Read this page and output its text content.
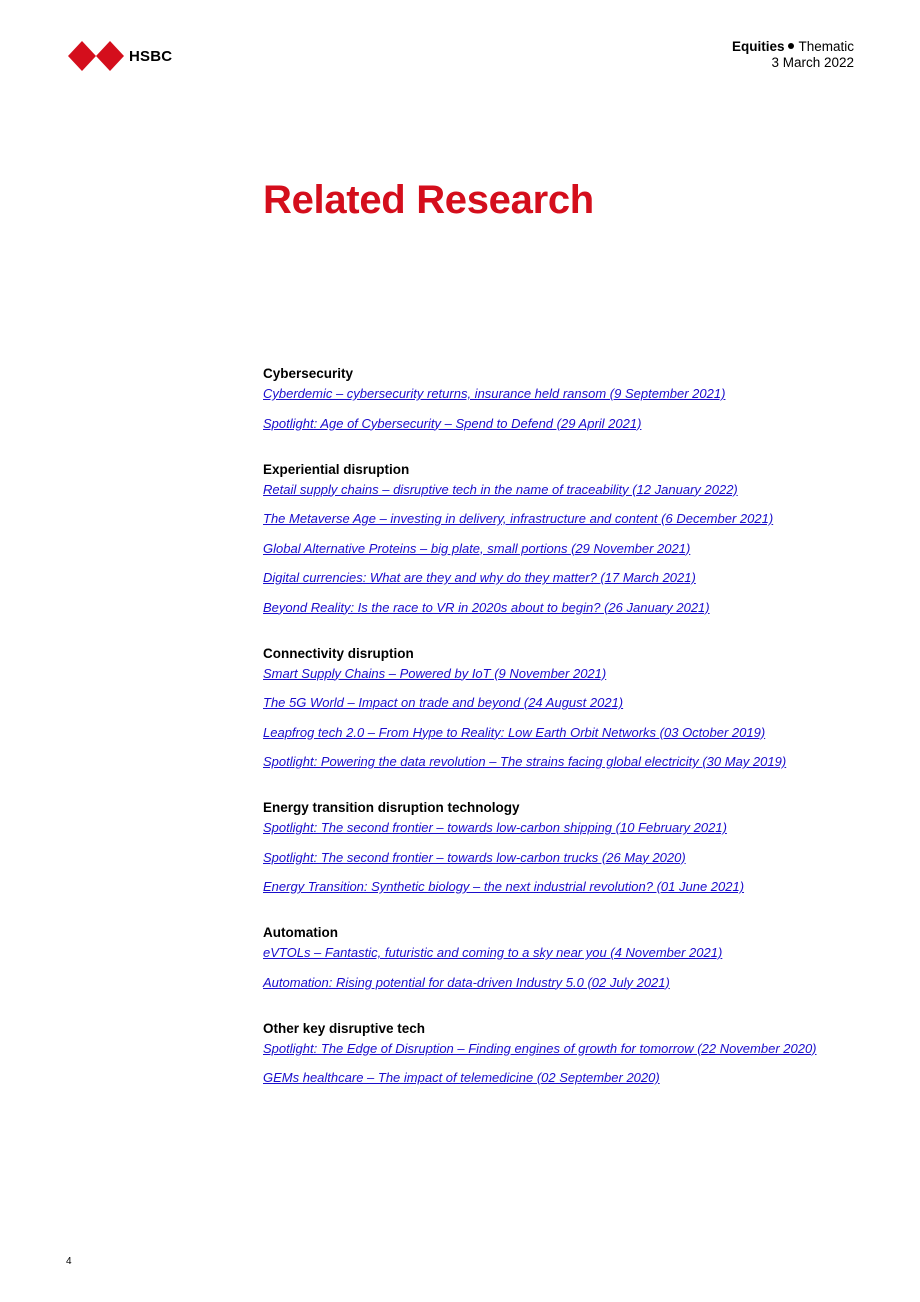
HSBC
Equities Thematic
3 March 2022
Related Research
Cybersecurity
Cyberdemic – cybersecurity returns, insurance held ransom (9 September 2021)
Spotlight: Age of Cybersecurity – Spend to Defend (29 April 2021)
Experiential disruption
Retail supply chains – disruptive tech in the name of traceability (12 January 2022)
The Metaverse Age – investing in delivery, infrastructure and content (6 December 2021)
Global Alternative Proteins – big plate, small portions (29 November 2021)
Digital currencies: What are they and why do they matter? (17 March 2021)
Beyond Reality: Is the race to VR in 2020s about to begin? (26 January 2021)
Connectivity disruption
Smart Supply Chains – Powered by IoT (9 November 2021)
The 5G World – Impact on trade and beyond (24 August 2021)
Leapfrog tech 2.0 – From Hype to Reality: Low Earth Orbit Networks (03 October 2019)
Spotlight: Powering the data revolution – The strains facing global electricity (30 May 2019)
Energy transition disruption technology
Spotlight: The second frontier – towards low-carbon shipping (10 February 2021)
Spotlight: The second frontier – towards low-carbon trucks (26 May 2020)
Energy Transition: Synthetic biology – the next industrial revolution? (01 June 2021)
Automation
eVTOLs – Fantastic, futuristic and coming to a sky near you (4 November 2021)
Automation: Rising potential for data-driven Industry 5.0 (02 July 2021)
Other key disruptive tech
Spotlight: The Edge of Disruption – Finding engines of growth for tomorrow (22 November 2020)
GEMs healthcare – The impact of telemedicine (02 September 2020)
4
